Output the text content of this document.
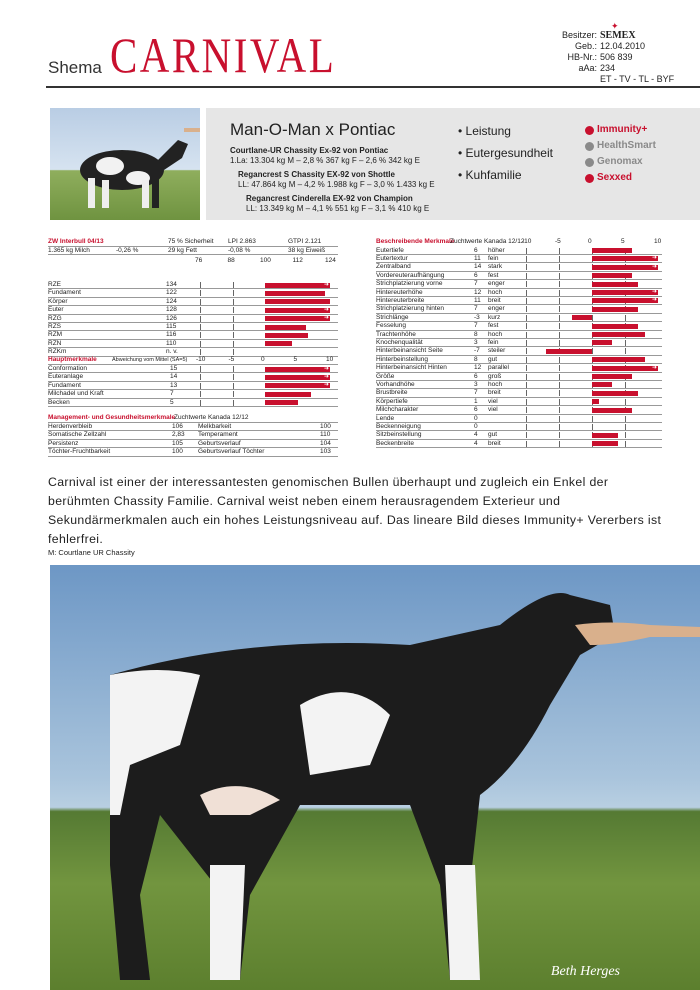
Shema CARNIVAL	Besitzer: SEMEX
✦
Geb.: 12.04.2010
HB-Nr.: 506 839
aAa: 234
ET - TV - TL - BYF
Man-O-Man x Pontiac
Courtlane-UR Chassity Ex-92 von Pontiac
1.La: 13.304 kg M – 2,8 % 367 kg F – 2,6 % 342 kg E
Regancrest S Chassity EX-92 von Shottle
LL: 47.864 kg M – 4,2 % 1.988 kg F – 3,0 % 1.433 kg E
Regancrest Cinderella EX-92 von Champion
LL: 13.349 kg M – 4,1 % 551 kg F – 3,1 % 410 kg E
• Leistung
• Eutergesundheit
• Kuhfamilie
Immunity+
HealthSmart
Genomax
Sexxed
ZW Interbull 04/13	75 % Sicherheit LPI 2.863	GTPI 2.121
1.365 kg Milch	-0,26 %	29 kg Fett	-0,08 %	38 kg Eiweiß
76	88	100	112	124
RZE	134	➜
Fundament	122
Körper	124
Euter	128	➜
RZG	126	➜
RZS	115
RZM	116
RZN	110
RZKm	n. v.
Hauptmerkmale	Abweichung vom Mittel (SA=5) -10	-5	0	5	10
Conformation	15	➜
Euteranlage	14	➜
Fundament	13	➜
Milchadel und Kraft	7
Becken	5
Management- und Gesundheitsmerkmale
Zuchtwerte Kanada 12/12
Herdenverbleib	106 Melkbarkeit	100
Somatische Zellzahl	2,83 Temperament	110
Persistenz	105 Geburtsverlauf	104
Töchter-Fruchtbarkeit	100 Geburtsverlauf Töchter	103
Beschreibende Merkmale
Zuchtwerte Kanada 12/12
-10	-5	0	5	10
Eutertiefe	6 höher
Eutertextur	11 fein	➜
Zentralband	14 stark	➜
Vordereuteraufhängung	6 fest
Strichplatzierung vorne	7 enger
Hintereuterhöhe	12 hoch	➜
Hintereuterbreite	11 breit	➜
Strichplatzierung hinten	7 enger
Strichlänge	-3 kurz
Fesselung	7 fest
Trachtenhöhe	8 hoch
Knochenqualität	3 fein
Hinterbeinansicht Seite	-7 steiler
Hinterbeinstellung	8 gut
Hinterbeinansicht Hinten	12 parallel	➜
Größe	6 groß
Vorhandhöhe	3 hoch
Brustbreite	7 breit
Körpertiefe	1 viel
Milchcharakter	6 viel
Lende	0
Beckenneigung	0
Sitzbeinstellung	4 gut
Beckenbreite	4 breit
Carnival ist einer der interessantesten genomischen Bullen überhaupt und zugleich ein Enkel der berühmten Chassity Familie. Carnival weist neben einem herausragendem Exterieur und Sekundärmerkmalen auch ein hohes Leistungsniveau auf. Das lineare Bild dieses Immunity+ Vererbers ist fehlerfrei.
M: Courtlane UR Chassity
Beth Herges
